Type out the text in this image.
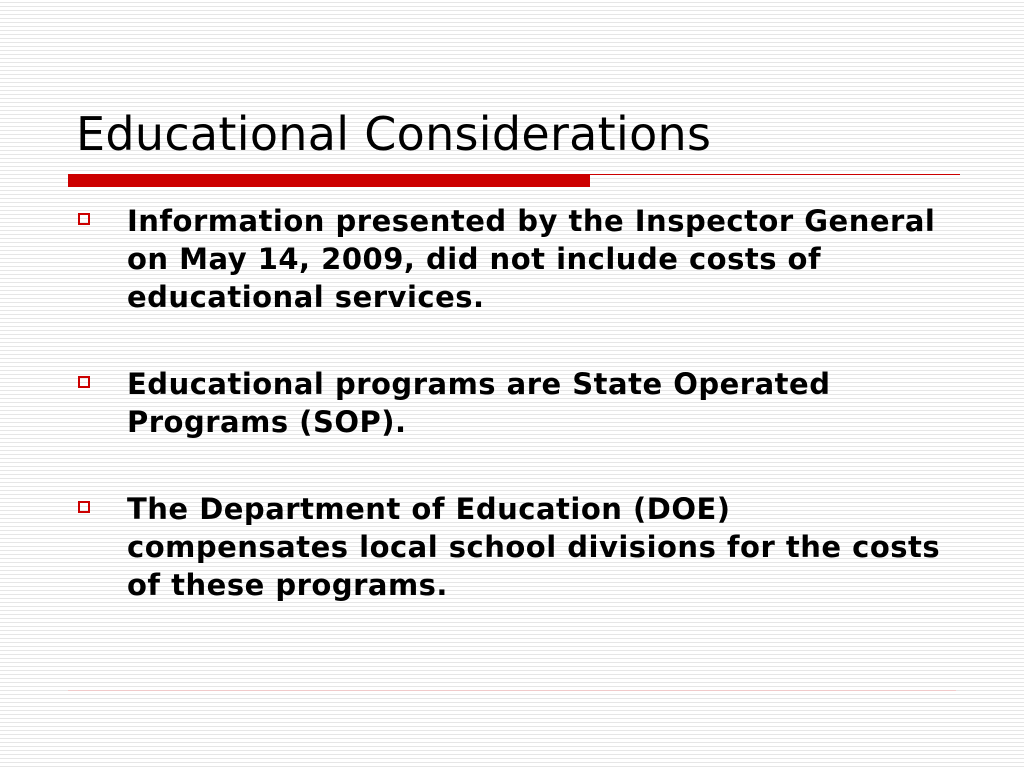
Educational Considerations
Information presented by the Inspector General on May 14, 2009, did not include costs of educational services.
Educational programs are State Operated Programs (SOP).
The Department of Education (DOE) compensates local school divisions for the costs of these programs.
